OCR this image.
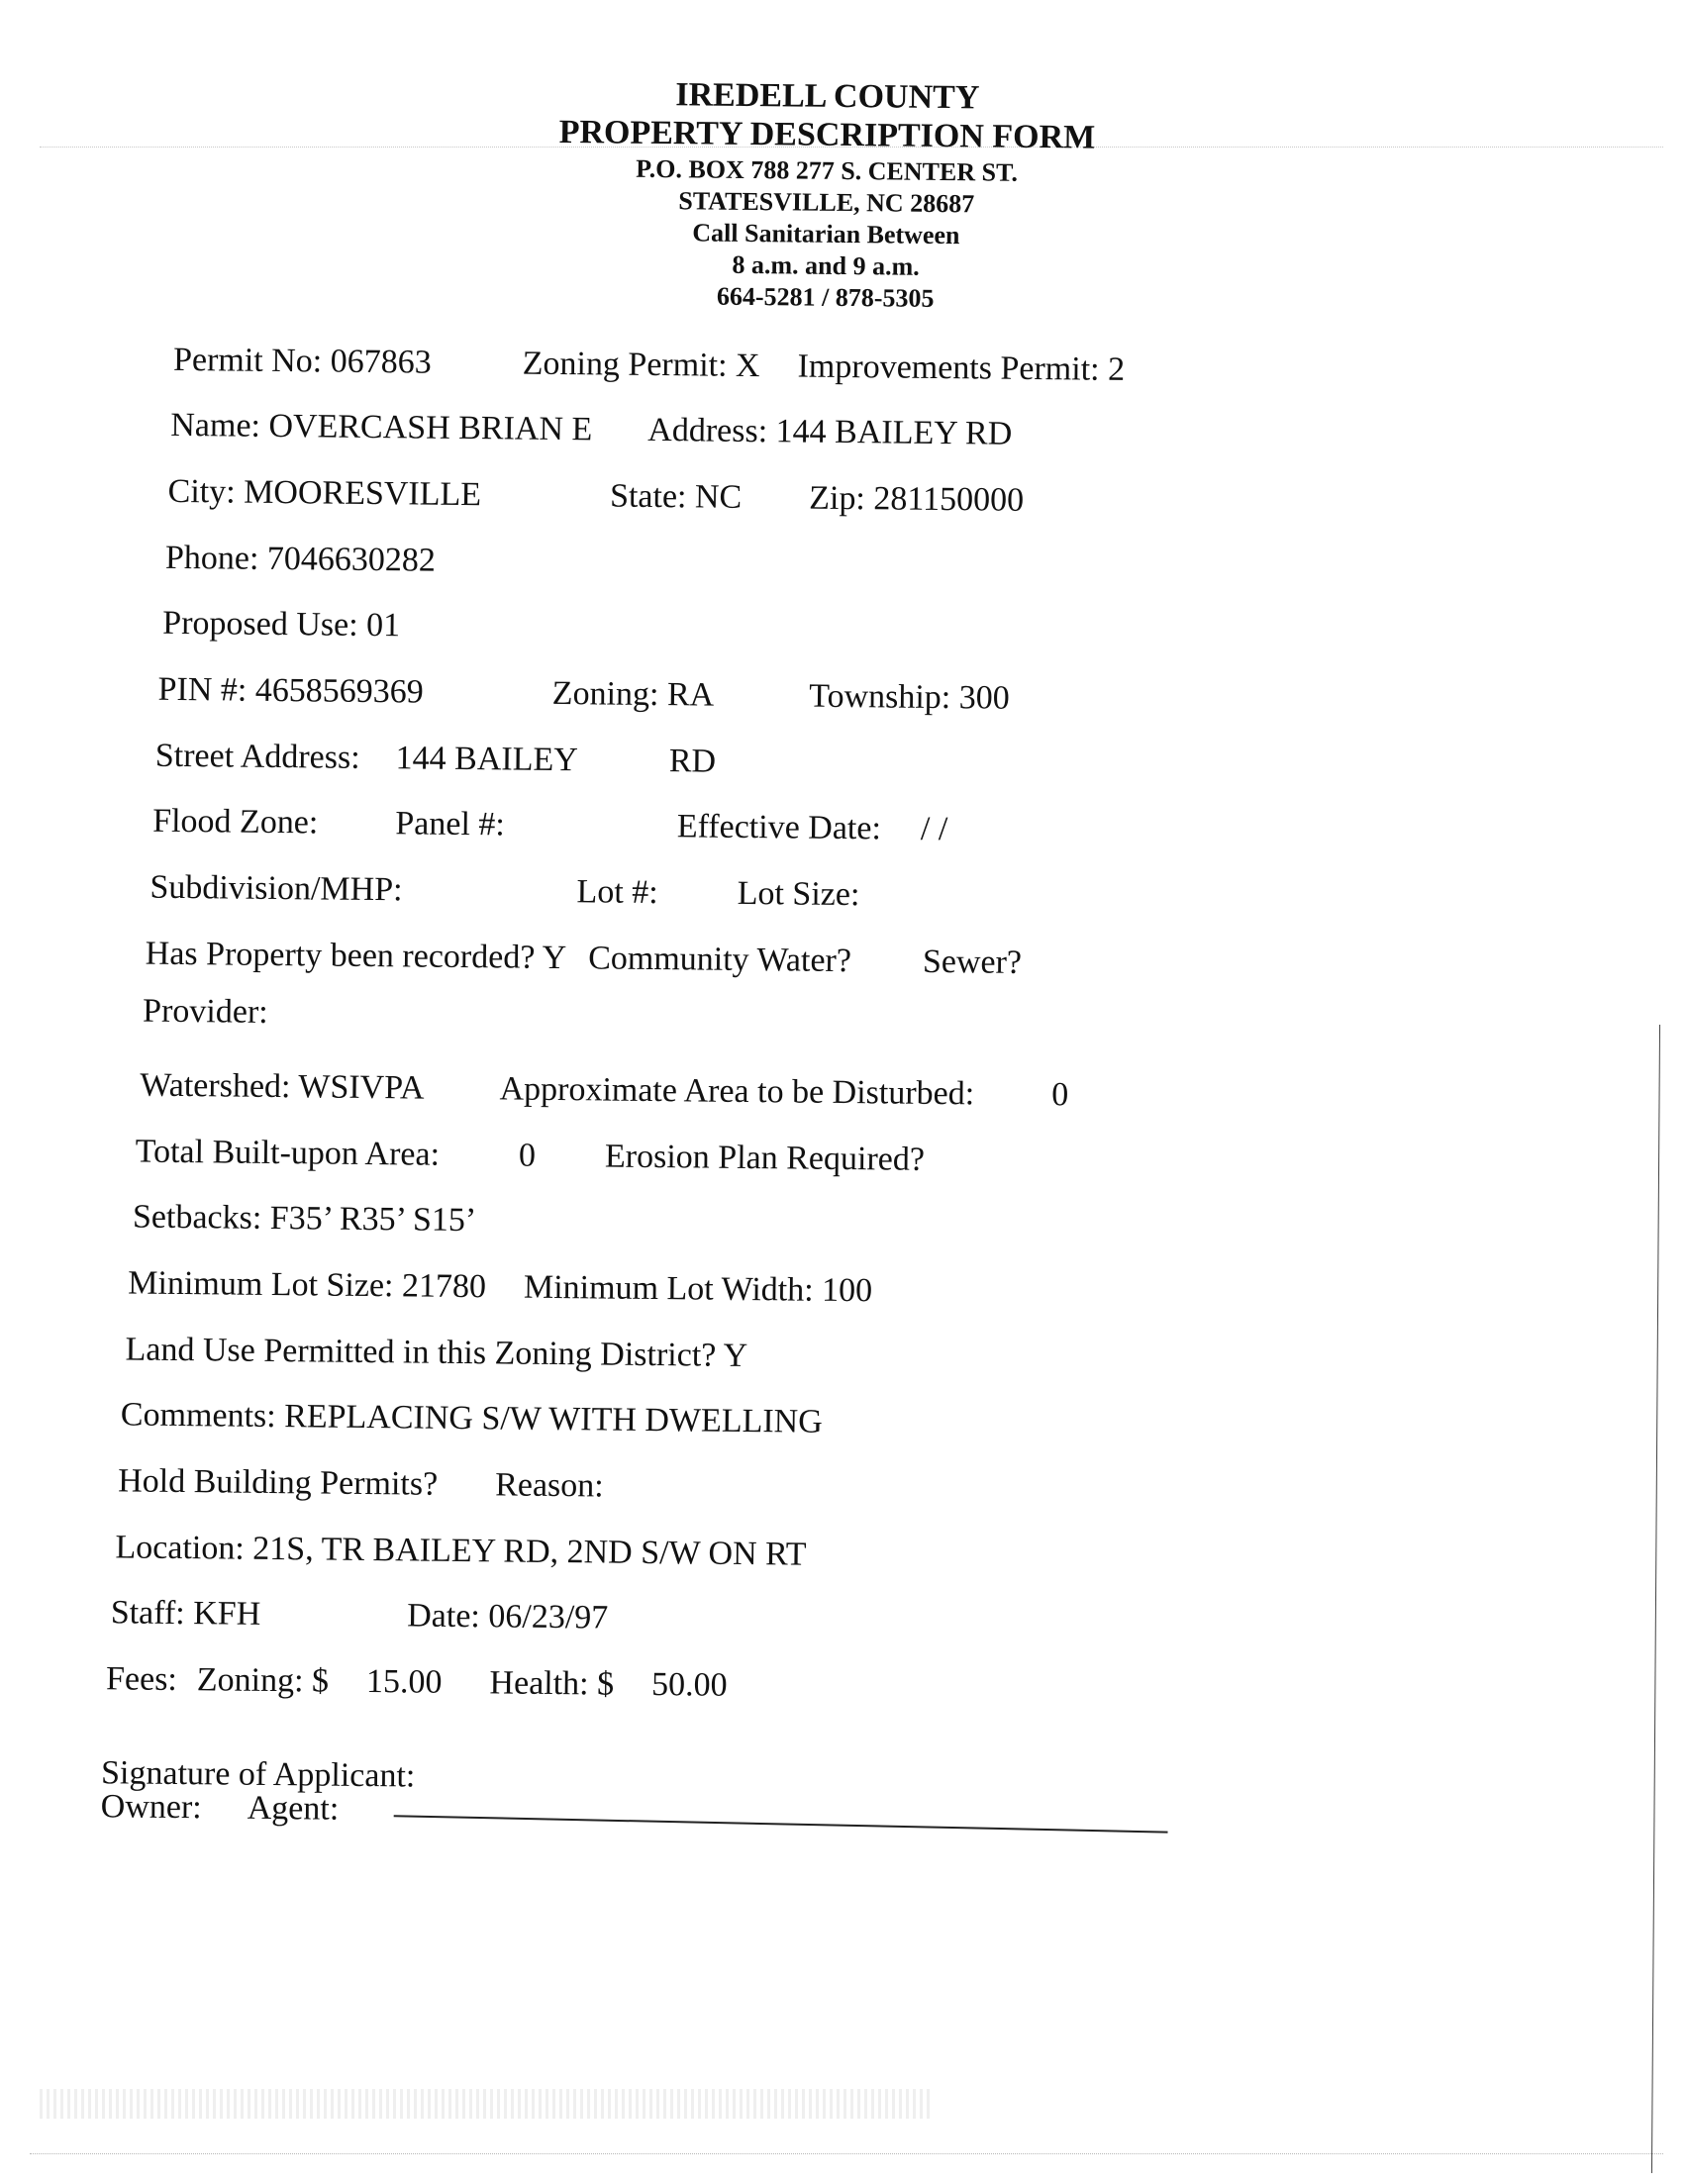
IREDELL COUNTY
PROPERTY DESCRIPTION FORM
P.O. BOX 788 277 S. CENTER ST.
STATESVILLE, NC 28687
Call Sanitarian Between
8 a.m. and 9 a.m.
664-5281 / 878-5305
Permit No: 067863	Zoning Permit: X Improvements Permit: 2
Name: OVERCASH BRIAN E Address: 144 BAILEY RD
City: MOORESVILLE	State: NC Zip: 281150000
Phone: 7046630282
Proposed Use: 01
PIN #: 4658569369	Zoning: RA	Township: 300
Street Address: 144 BAILEY	RD
Flood Zone: Panel #:	Effective Date: / /
Subdivision/MHP:	Lot #: Lot Size:
Has Property been recorded? Y Community Water? Sewer?
Provider:
Watershed: WSIVPA Approximate Area to be Disturbed: 0
Total Built-upon Area: 0 Erosion Plan Required?
Setbacks: F35’ R35’ S15’
Minimum Lot Size: 21780 Minimum Lot Width: 100
Land Use Permitted in this Zoning District? Y
Comments: REPLACING S/W WITH DWELLING
Hold Building Permits? Reason:
Location: 21S, TR BAILEY RD, 2ND S/W ON RT
Staff: KFH	Date: 06/23/97
Fees: Zoning: $ 15.00 Health: $ 50.00
Signature of Applicant:
Owner: Agent:
